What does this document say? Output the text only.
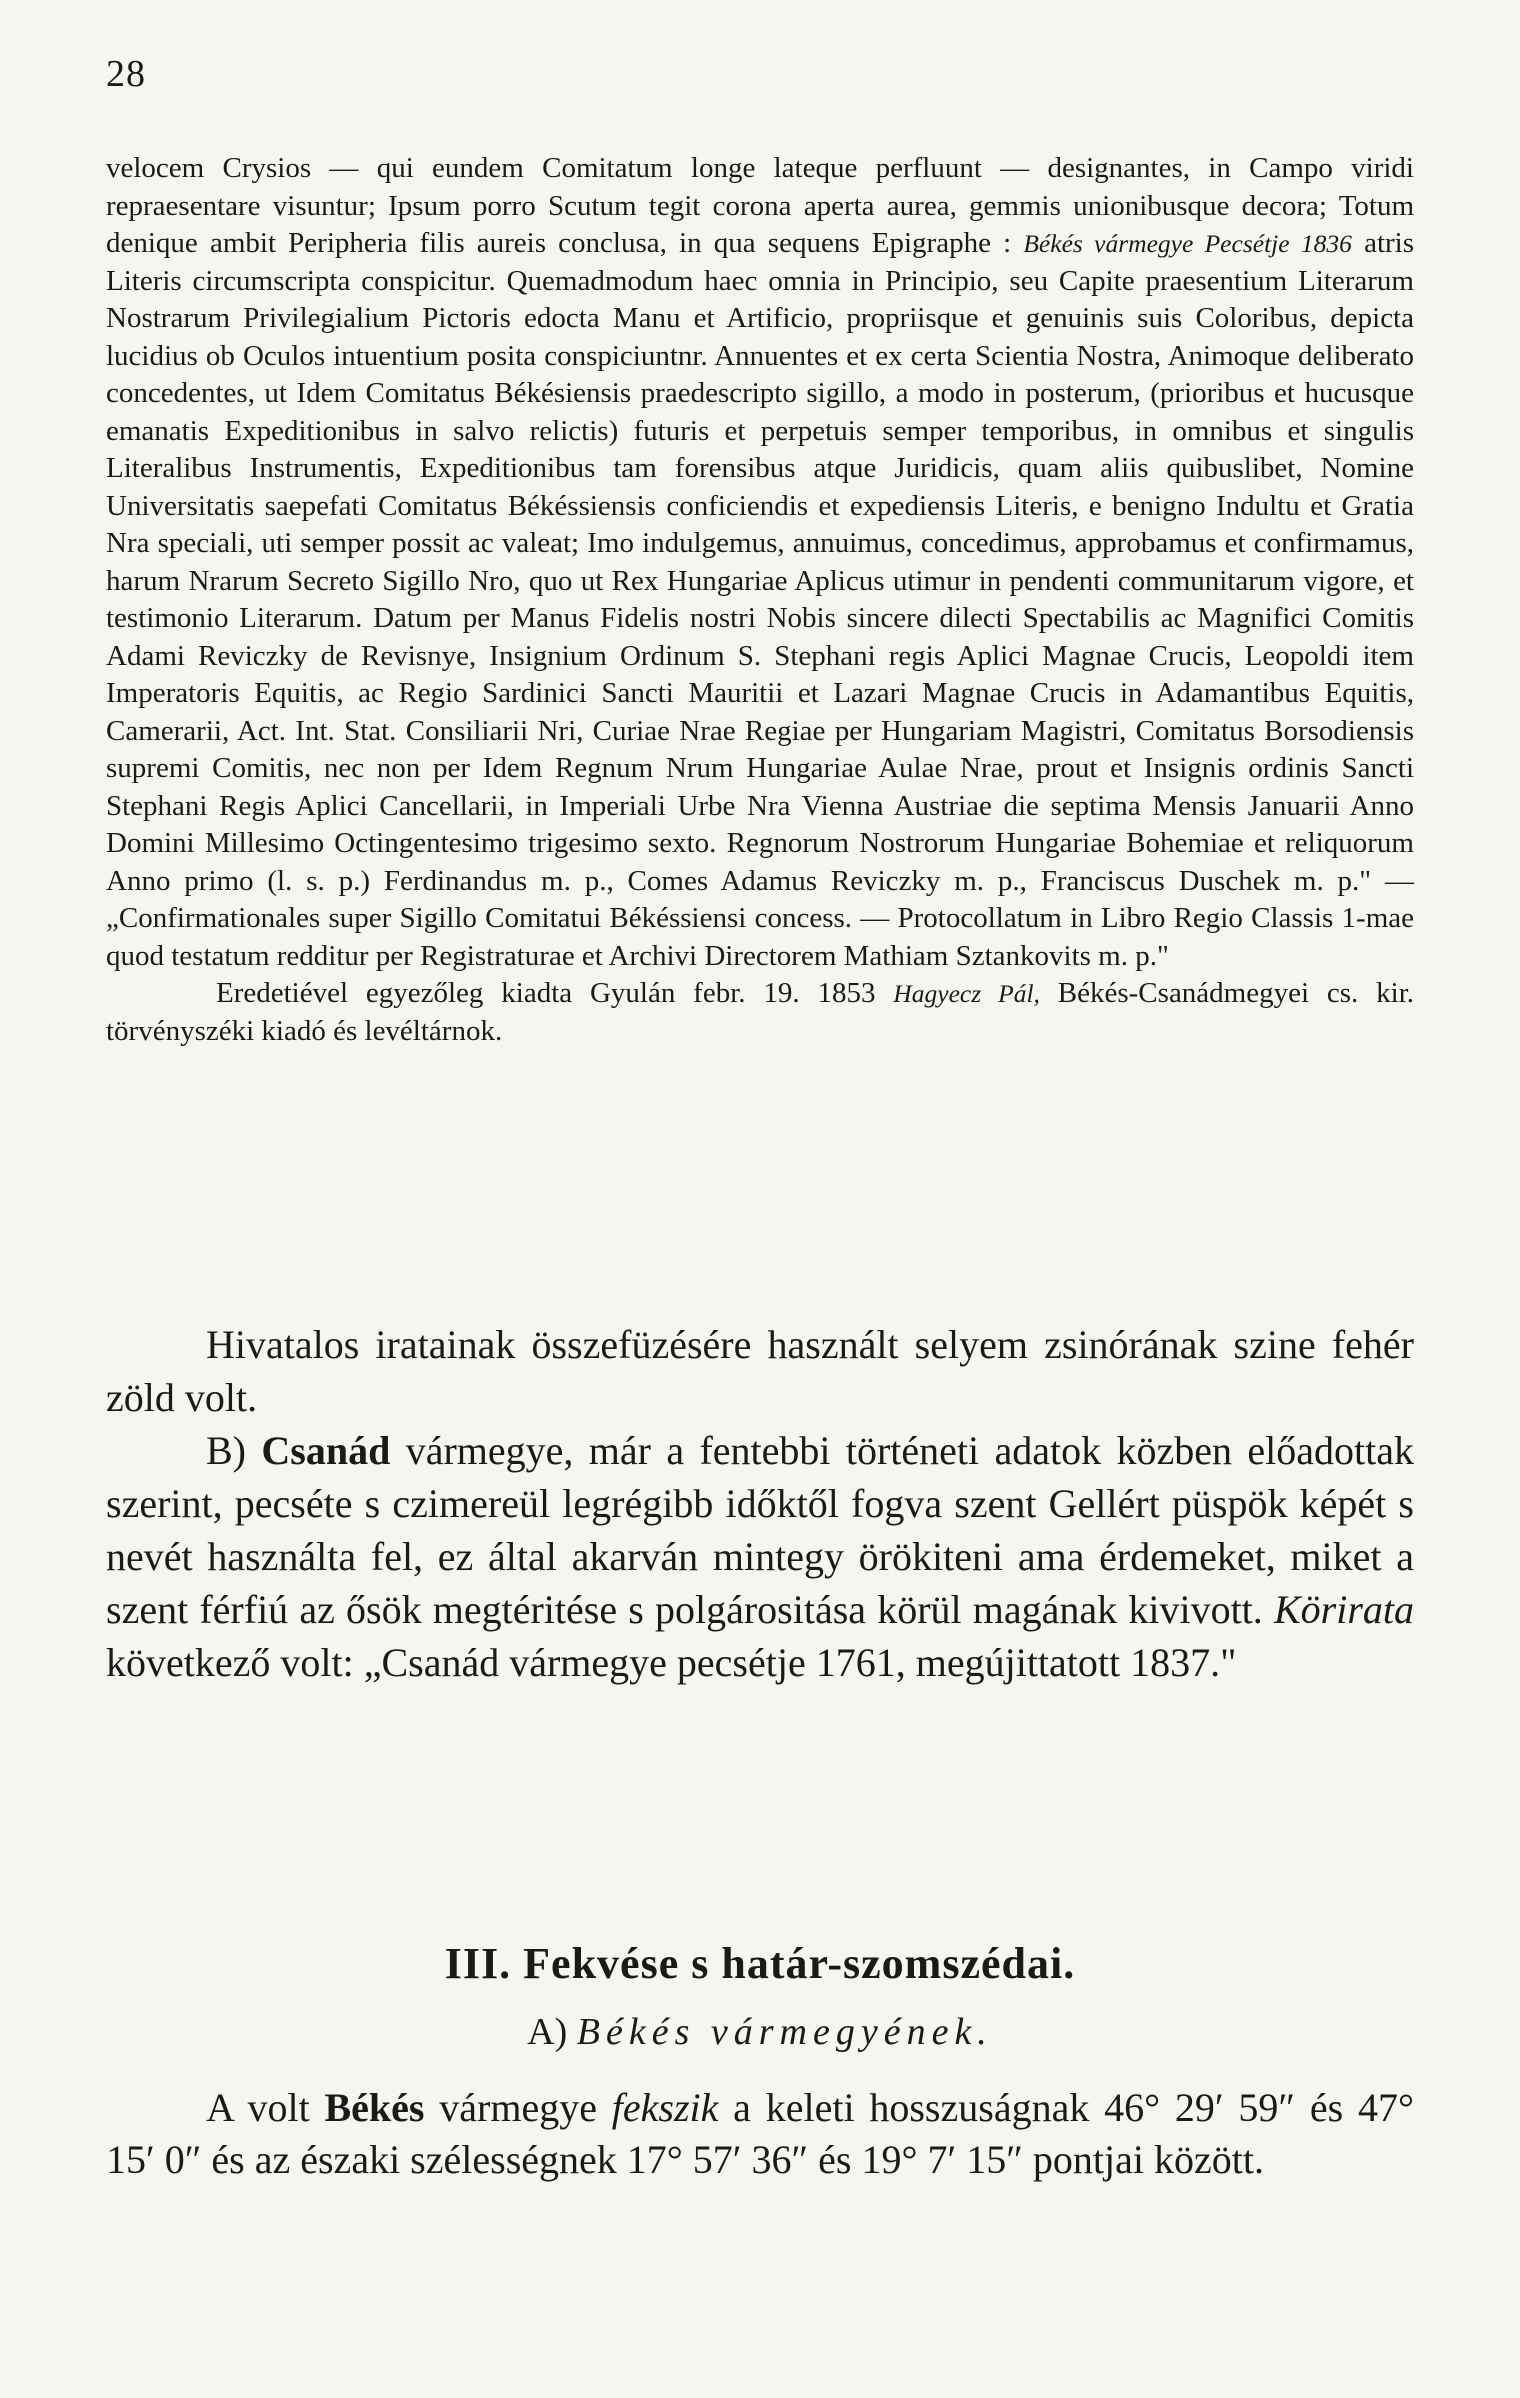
28

velocem Crysios — qui eundem Comitatum longe lateque perfluunt — designantes, in Campo viridi repraesentare visuntur; Ipsum porro Scutum tegit corona aperta aurea, gemmis unionibusque decora; Totum denique ambit Peripheria filis aureis conclusa, in qua sequens Epigraphe : Békés vármegye Pecsétje 1836 atris Literis circumscripta conspicitur. Quemadmodum haec omnia in Principio, seu Capite praesentium Literarum Nostrarum Privilegialium Pictoris edocta Manu et Artificio, propriisque et genuinis suis Coloribus, depicta lucidius ob Oculos intuentium posita conspiciuntnr. Annuentes et ex certa Scientia Nostra, Animoque deliberato concedentes, ut Idem Comitatus Békésiensis praedescripto sigillo, a modo in posterum, (prioribus et hucusque emanatis Expeditionibus in salvo relictis) futuris et perpetuis semper temporibus, in omnibus et singulis Literalibus Instrumentis, Expeditionibus tam forensibus atque Juridicis, quam aliis quibuslibet, Nomine Universitatis saepefati Comitatus Békéssiensis conficiendis et expediensis Literis, e benigno Indultu et Gratia Nra speciali, uti semper possit ac valeat; Imo indulgemus, annuimus, concedimus, approbamus et confirmamus, harum Nrarum Secreto Sigillo Nro, quo ut Rex Hungariae Aplicus utimur in pendenti communitarum vigore, et testimonio Literarum. Datum per Manus Fidelis nostri Nobis sincere dilecti Spectabilis ac Magnifici Comitis Adami Reviczky de Revisnye, Insignium Ordinum S. Stephani regis Aplici Magnae Crucis, Leopoldi item Imperatoris Equitis, ac Regio Sardinici Sancti Mauritii et Lazari Magnae Crucis in Adamantibus Equitis, Camerarii, Act. Int. Stat. Consiliarii Nri, Curiae Nrae Regiae per Hungariam Magistri, Comitatus Borsodiensis supremi Comitis, nec non per Idem Regnum Nrum Hungariae Aulae Nrae, prout et Insignis ordinis Sancti Stephani Regis Aplici Cancellarii, in Imperiali Urbe Nra Vienna Austriae die septima Mensis Januarii Anno Domini Millesimo Octingentesimo trigesimo sexto. Regnorum Nostrorum Hungariae Bohemiae et reliquorum Anno primo (l. s. p.) Ferdinandus m. p., Comes Adamus Reviczky m. p., Franciscus Duschek m. p." — „Confirmationales super Sigillo Comitatui Békéssiensi concess. — Protocollatum in Libro Regio Classis 1-mae quod testatum redditur per Registraturae et Archivi Directorem Mathiam Sztankovits m. p."

Eredetiével egyezőleg kiadta Gyulán febr. 19. 1853 Hagyecz Pál, Békés-Csanádmegyei cs. kir. törvényszéki kiadó és levéltárnok.

Hivatalos iratainak összefüzésére használt selyem zsinórának szine fehér zöld volt.

B) Csanád vármegye, már a fentebbi történeti adatok közben előadottak szerint, pecséte s czimereül legrégibb időktől fogva szent Gellért püspök képét s nevét használta fel, ez által akarván mintegy örökiteni ama érdemeket, miket a szent férfiú az ősök megtéritése s polgárositása körül magának kivivott. Körirata következő volt: „Csanád vármegye pecsétje 1761, megújittatott 1837."

III. Fekvése s határ-szomszédai.
A) Békés vármegyének.

A volt Békés vármegye fekszik a keleti hosszuságnak 46° 29′ 59″ és 47° 15′ 0″ és az északi szélességnek 17° 57′ 36″ és 19° 7′ 15″ pontjai között.
